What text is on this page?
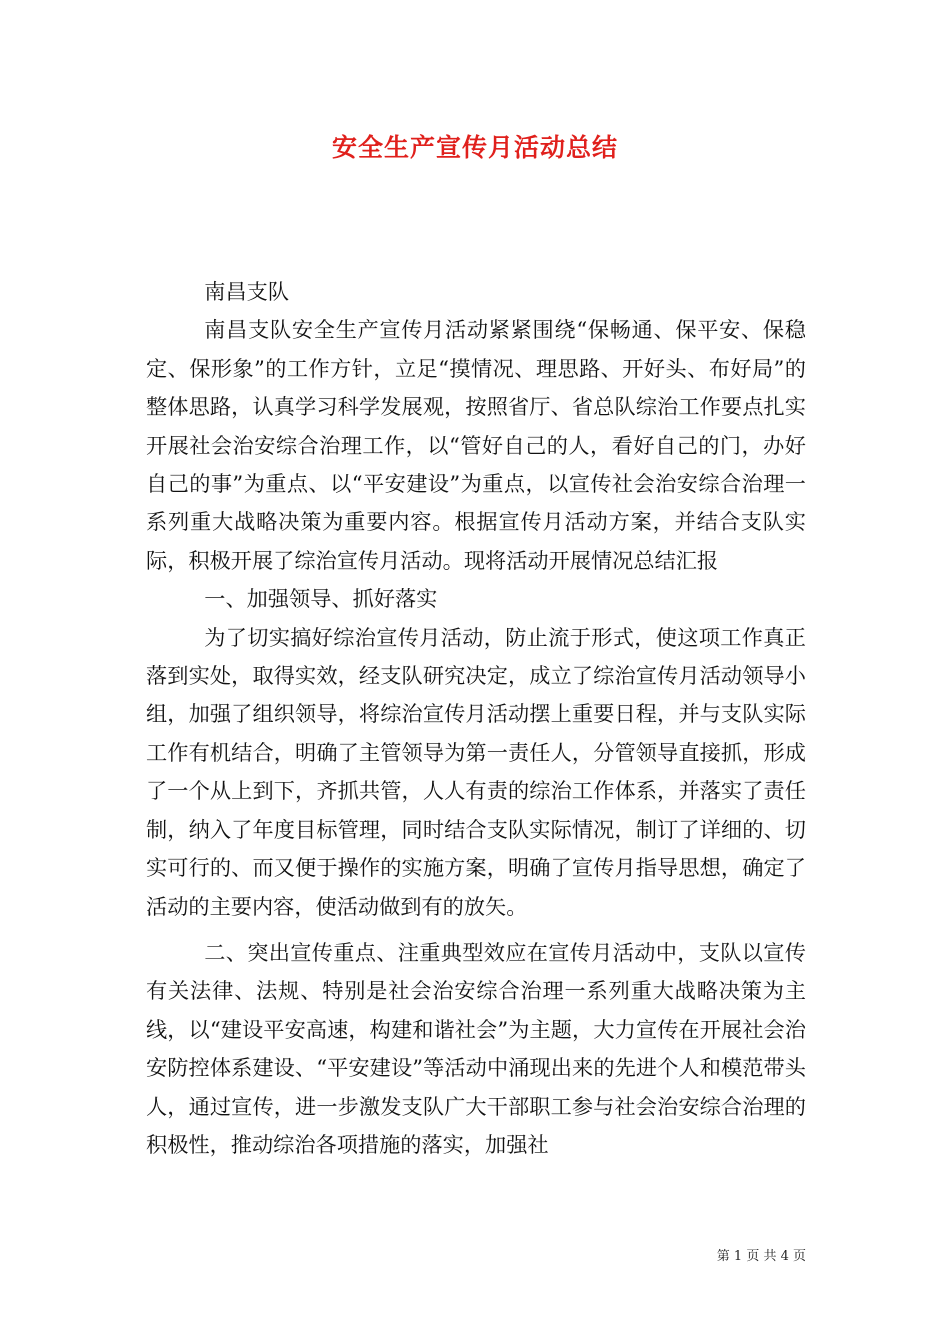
安全生产宣传月活动总结

南昌支队

南昌支队安全生产宣传月活动紧紧围绕“保畅通、保平安、保稳定、保形象”的工作方针，立足“摸情况、理思路、开好头、布好局”的整体思路，认真学习科学发展观，按照省厅、省总队综治工作要点扎实开展社会治安综合治理工作，以“管好自己的人，看好自己的门，办好自己的事”为重点、以“平安建设”为重点，以宣传社会治安综合治理一系列重大战略决策为重要内容。根据宣传月活动方案，并结合支队实际，积极开展了综治宣传月活动。现将活动开展情况总结汇报

一、加强领导、抓好落实

为了切实搞好综治宣传月活动，防止流于形式，使这项工作真正落到实处，取得实效，经支队研究决定，成立了综治宣传月活动领导小组，加强了组织领导，将综治宣传月活动摆上重要日程，并与支队实际工作有机结合，明确了主管领导为第一责任人，分管领导直接抓，形成了一个从上到下，齐抓共管，人人有责的综治工作体系，并落实了责任制，纳入了年度目标管理，同时结合支队实际情况，制订了详细的、切实可行的、而又便于操作的实施方案，明确了宣传月指导思想，确定了活动的主要内容，使活动做到有的放矢。

二、突出宣传重点、注重典型效应在宣传月活动中，支队以宣传有关法律、法规、特别是社会治安综合治理一系列重大战略决策为主线，以“建设平安高速，构建和谐社会”为主题，大力宣传在开展社会治安防控体系建设、“平安建设”等活动中涌现出来的先进个人和模范带头人，通过宣传，进一步激发支队广大干部职工参与社会治安综合治理的积极性，推动综治各项措施的落实，加强社

第 1 页 共 4 页
